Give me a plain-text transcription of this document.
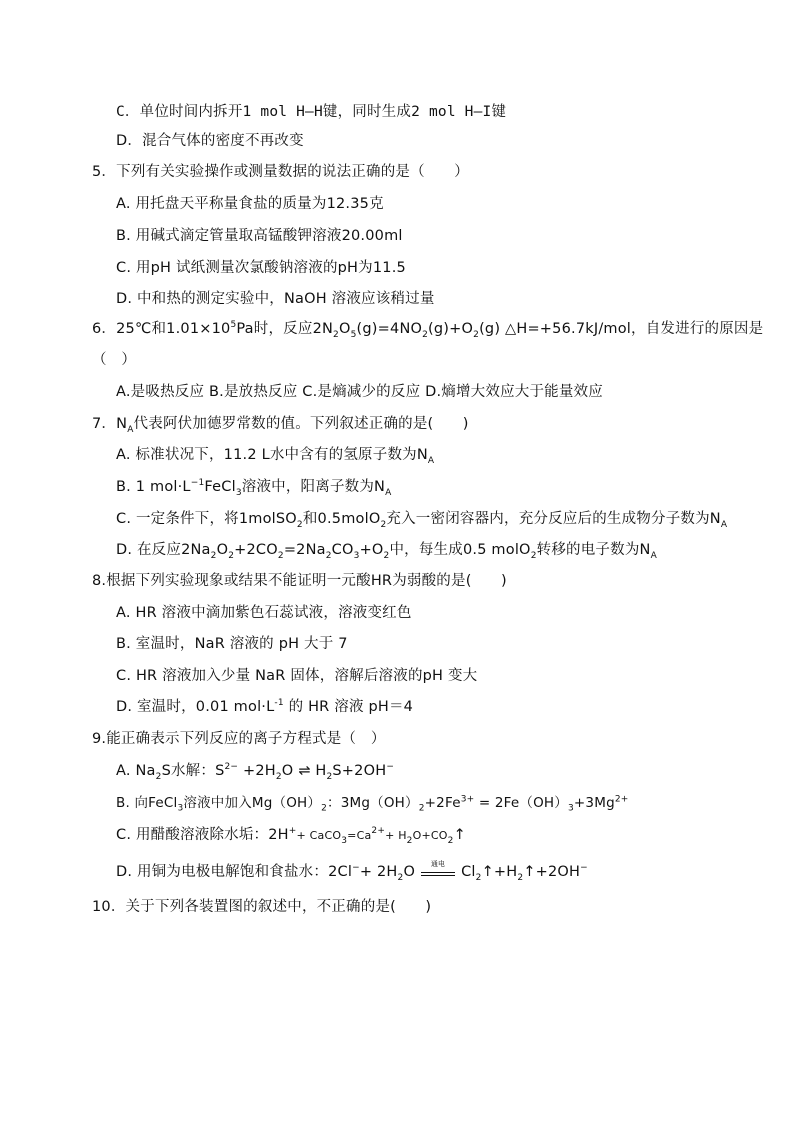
C．单位时间内拆开1 mol H—H键，同时生成2 mol H—I键
D．混合气体的密度不再改变
5．下列有关实验操作或测量数据的说法正确的是（　　）
A. 用托盘天平称量食盐的质量为12.35克
B. 用碱式滴定管量取高锰酸钾溶液20.00ml
C. 用pH 试纸测量次氯酸钠溶液的pH为11.5
D. 中和热的测定实验中，NaOH 溶液应该稍过量
6．25℃和$1.01\times 10^5Pa$时，反应$2N_2O_5(g)=4NO_2(g)+O_2(g)$ △H=+56.7kJ/mol，自发进行的原因是
（　）
A.是吸热反应 B.是放热反应 C.是熵减少的反应 D.熵增大效应大于能量效应
7．$N_A$代表阿伏加德罗常数的值。下列叙述正确的是(　　)
A. 标准状况下，11.2 L水中含有的氢原子数为$N_A$
B. 1 $mol\cdot L^{-1}FeCl_3$溶液中，阳离子数为$N_A$
C. 一定条件下，将1molSO$_2$和0.5molO$_2$充入一密闭容器内，充分反应后的生成物分子数为$N_A$
D. 在反应$2Na_2O_2+2CO_2=2Na_2CO_3+O_2$中，每生成0.5 molO$_2$转移的电子数为$N_A$
8.根据下列实验现象或结果不能证明一元酸HR为弱酸的是(　　)
A. HR 溶液中滴加紫色石蕊试液，溶液变红色
B. 室温时，NaR 溶液的 pH 大于 7
C. HR 溶液加入少量 NaR 固体，溶解后溶液的pH 变大
D. 室温时，0.01 $mol\cdot L^{-1}$ 的 HR 溶液 pH＝4
9.能正确表示下列反应的离子方程式是（　）
A. $Na_2S$水解：$S^{2-} +2H_2O$ ⇌ $H_2S+2OH^-$
B. 向FeCl$_3$溶液中加入$Mg(OH)_2$：$3Mg(OH)_2+2Fe^{3+} = 2Fe(OH)_3+3Mg^{2+}$
C. 用醋酸溶液除水垢：$2H^++ CaCO_3=Ca^{2+}+$ $H_2O+CO_2↑$
D. 用铜为电极电解饱和食盐水：$2Cl^-+ 2H_2O$	通电	$Cl_2↑+H_2↑+2OH^-$
10．关于下列各装置图的叙述中，不正确的是(　　)
